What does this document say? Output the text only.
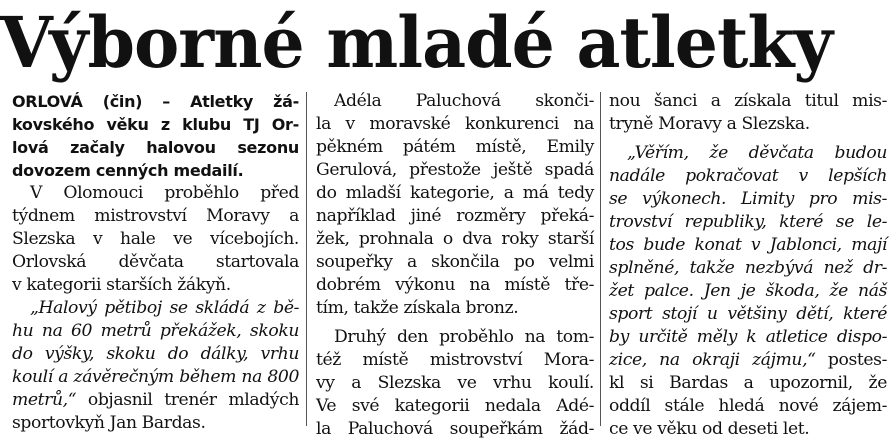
Výborné mladé atletky
ORLOVÁ (čin) – Atletky žá-
kovského věku z klubu TJ Or-
lová začaly halovou sezonu
dovozem cenných medailí.
V Olomouci proběhlo před
týdnem mistrovství Moravy a
Slezska v hale ve vícebojích.
Orlovská děvčata startovala
v kategorii starších žákyň.
„Halový pětiboj se skládá z bě-
hu na 60 metrů překážek, skoku
do výšky, skoku do dálky, vrhu
koulí a závěrečným během na 800
metrů,“ objasnil trenér mladých
sportovkyň Jan Bardas.
Adéla Paluchová skonči-
la v moravské konkurenci na
pěkném pátém místě, Emily
Gerulová, přestože ještě spadá
do mladší kategorie, a má tedy
například jiné rozměry překá-
žek, prohnala o dva roky starší
soupeřky a skončila po velmi
dobrém výkonu na místě tře-
tím, takže získala bronz.
Druhý den proběhlo na tom-
též místě mistrovství Mora-
vy a Slezska ve vrhu koulí.
Ve své kategorii nedala Adé-
la Paluchová soupeřkám žád-
nou šanci a získala titul mis-
tryně Moravy a Slezska.
„Věřím, že děvčata budou
nadále pokračovat v lepších
se výkonech. Limity pro mis-
trovství republiky, které se le-
tos bude konat v Jablonci, mají
splněné, takže nezbývá než dr-
žet palce. Jen je škoda, že náš
sport stojí u většiny dětí, které
by určitě měly k atletice dispo-
zice, na okraji zájmu,“ postes-
kl si Bardas a upozornil, že
oddíl stále hledá nové zájem-
ce ve věku od deseti let.
